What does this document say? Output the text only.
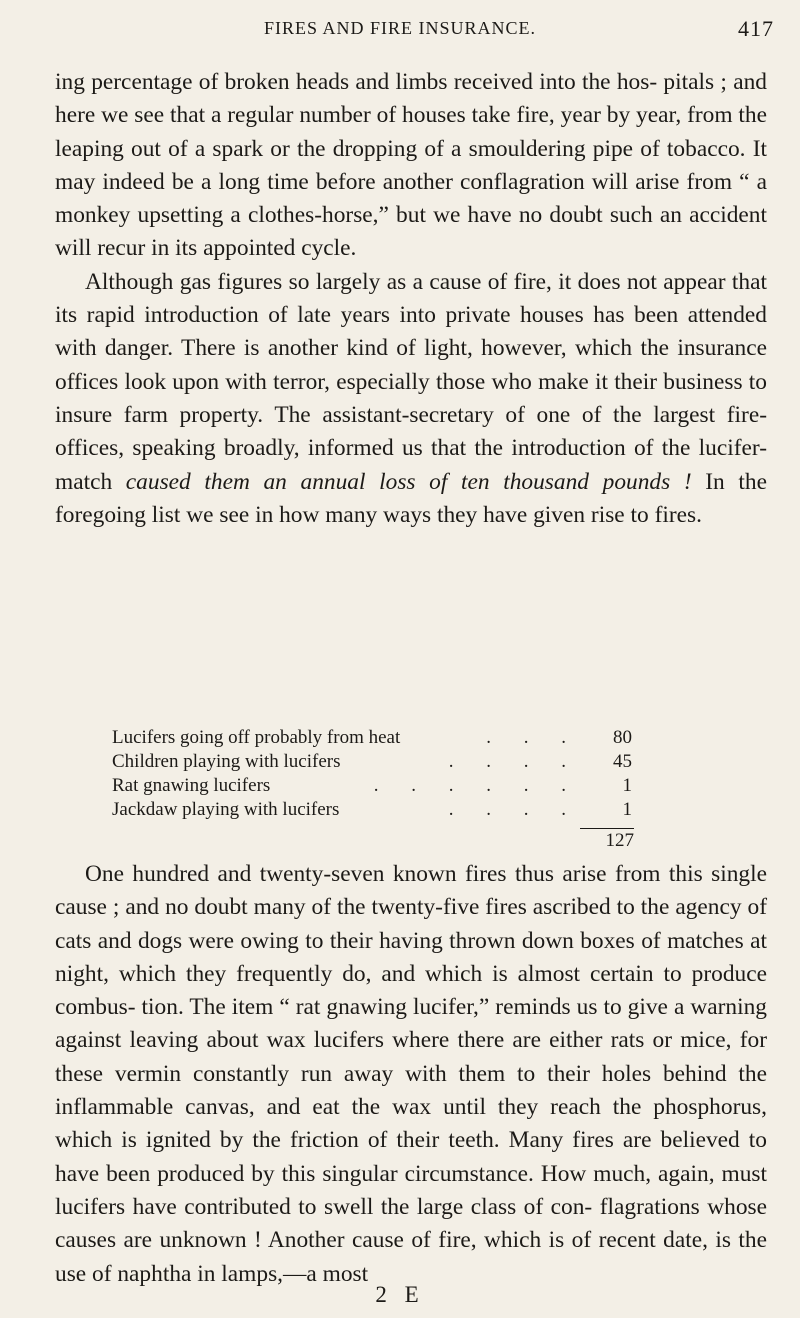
FIRES AND FIRE INSURANCE.	417

ing percentage of broken heads and limbs received into the hos- pitals ; and here we see that a regular number of houses take fire, year by year, from the leaping out of a spark or the dropping of a smouldering pipe of tobacco. It may indeed be a long time before another conflagration will arise from “ a monkey upsetting a clothes-horse,” but we have no doubt such an accident will recur in its appointed cycle.

Although gas figures so largely as a cause of fire, it does not appear that its rapid introduction of late years into private houses has been attended with danger. There is another kind of light, however, which the insurance offices look upon with terror, especially those who make it their business to insure farm property. The assistant-secretary of one of the largest fire-offices, speaking broadly, informed us that the introduction of the lucifer-match caused them an annual loss of ten thousand pounds ! In the foregoing list we see in how many ways they have given rise to fires.

Lucifers going off probably from heat	. . .	80
Children playing with lucifers	. . . .	45
Rat gnawing lucifers	. . . . . .	1
Jackdaw playing with lucifers	. . . .	1
127

One hundred and twenty-seven known fires thus arise from this single cause ; and no doubt many of the twenty-five fires ascribed to the agency of cats and dogs were owing to their having thrown down boxes of matches at night, which they frequently do, and which is almost certain to produce combus- tion. The item “ rat gnawing lucifer,” reminds us to give a warning against leaving about wax lucifers where there are either rats or mice, for these vermin constantly run away with them to their holes behind the inflammable canvas, and eat the wax until they reach the phosphorus, which is ignited by the friction of their teeth. Many fires are believed to have been produced by this singular circumstance. How much, again, must lucifers have contributed to swell the large class of con- flagrations whose causes are unknown ! Another cause of fire, which is of recent date, is the use of naphtha in lamps,—a most

2 E
